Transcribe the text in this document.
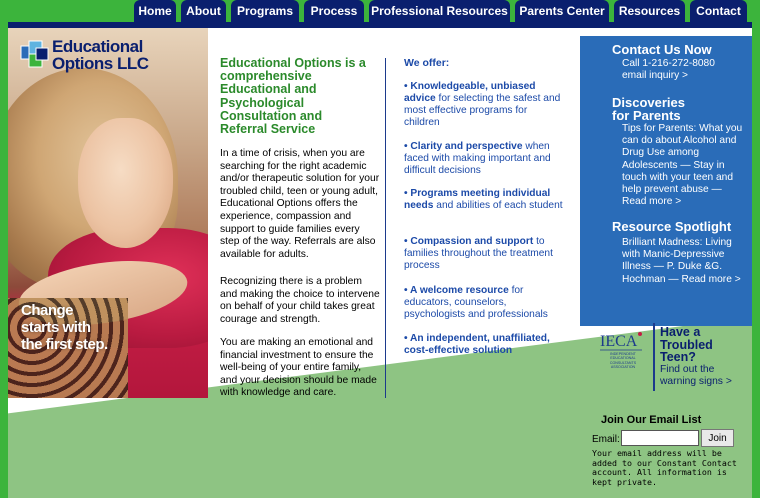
Home	About	Programs	Process	Professional Resources Parents Center	Resources	Contact
Change
starts with
the first step.
Educational
Options LLC	Educational Options is a comprehensive Educational and Psychological Consultation and Referral Service
In a time of crisis, when you are searching for the right academic and/or therapeutic solution for your troubled child, teen or young adult, Educational Options offers the experience, compassion and support to guide families every step of the way. Referrals are also available for adults.
Recognizing there is a problem and making the choice to intervene on behalf of your child takes great courage and strength.
You are making an emotional and financial investment to ensure the well-being of your entire family, and your decision should be made with knowledge and care.
We offer:
• Knowledgeable, unbiased advice for selecting the safest and most effective programs for children
• Clarity and perspective when faced with making important and difficult decisions
• Programs meeting individual needs and abilities of each student
• Compassion and support to families throughout the treatment process
• A welcome resource for educators, counselors, psychologists and professionals
• An independent, unaffiliated, cost-effective solution
Contact Us Now
Call 1-216-272-8080
email inquiry >
Discoveries
for Parents
Tips for Parents: What you can do about Alcohol and Drug Use among Adolescents — Stay in touch with your teen and help prevent abuse — Read more >
Resource Spotlight
Brilliant Madness: Living with Manic-Depressive Illness — P. Duke &G. Hochman — Read more >
IECA
INDEPENDENT EDUCATIONAL CONSULTANTS ASSOCIATION
Have a Troubled Teen?
Find out the warning signs >
Join Our Email List
Email:	Join
Your email address will be added to our Constant Contact account. All information is kept private.
